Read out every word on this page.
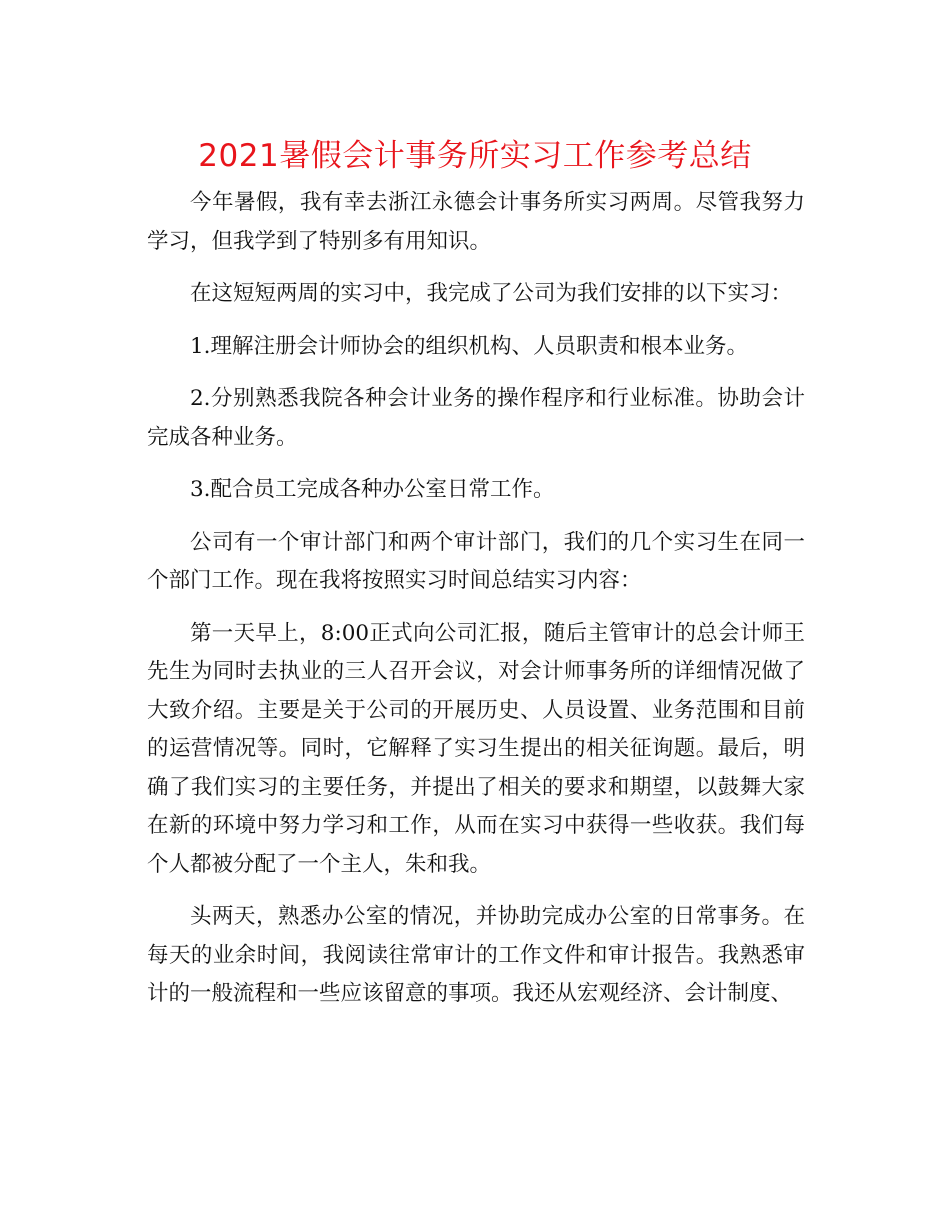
2021暑假会计事务所实习工作参考总结

今年暑假，我有幸去浙江永德会计事务所实习两周。尽管我努力学习，但我学到了特别多有用知识。

在这短短两周的实习中，我完成了公司为我们安排的以下实习：

1.理解注册会计师协会的组织机构、人员职责和根本业务。

2.分别熟悉我院各种会计业务的操作程序和行业标准。协助会计完成各种业务。

3.配合员工完成各种办公室日常工作。

公司有一个审计部门和两个审计部门，我们的几个实习生在同一个部门工作。现在我将按照实习时间总结实习内容：

第一天早上，8:00正式向公司汇报，随后主管审计的总会计师王先生为同时去执业的三人召开会议，对会计师事务所的详细情况做了大致介绍。主要是关于公司的开展历史、人员设置、业务范围和目前的运营情况等。同时，它解释了实习生提出的相关征询题。最后，明确了我们实习的主要任务，并提出了相关的要求和期望，以鼓舞大家在新的环境中努力学习和工作，从而在实习中获得一些收获。我们每个人都被分配了一个主人，朱和我。

头两天，熟悉办公室的情况，并协助完成办公室的日常事务。在每天的业余时间，我阅读往常审计的工作文件和审计报告。我熟悉审计的一般流程和一些应该留意的事项。我还从宏观经济、会计制度、
